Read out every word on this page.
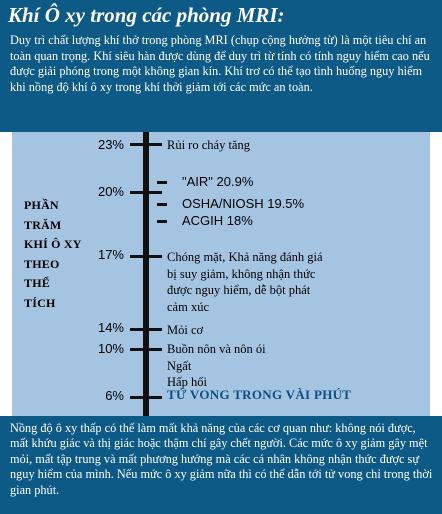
Khí Ô xy trong các phòng MRI:

Duy trì chất lượng khí thở trong phòng MRI (chụp cộng hưởng từ) là một tiêu chí an toàn quan trọng. Khí siêu hàn được dùng để duy trì từ tính có tính nguy hiểm cao nếu được giải phóng trong một không gian kín. Khí trơ có thể tạo tình huống nguy hiểm khi nồng độ khí ô xy trong khí thởi giảm tới các mức an toàn.

PHẦN
TRĂM
KHÍ Ô XY
THEO
THỂ
TÍCH
23%	Rủi ro cháy tăng
"AIR" 20.9%
20%
OSHA/NIOSH 19.5%
ACGIH 18%
17%	Chóng mặt, Khả năng đánh giá
bị suy giảm, không nhận thức
được nguy hiểm, dễ bột phát
cảm xúc
14%	Mỏi cơ
10%	Buồn nôn và nôn ói
Ngất
Hấp hối
6%	TỬ VONG TRONG VÀI PHÚT

Nồng độ ô xy thấp có thể làm mất khả năng của các cơ quan như: không nói được, mất khứu giác và thị giác hoặc thậm chí gây chết người. Các mức ô xy giảm gây mệt mỏi, mất tập trung và mất phương hướng mà các cá nhân không nhận thức được sự nguy hiểm của mình. Nếu mức ô xy giảm nữa thì có thể dẫn tới tử vong chỉ trong thời gian phút.
